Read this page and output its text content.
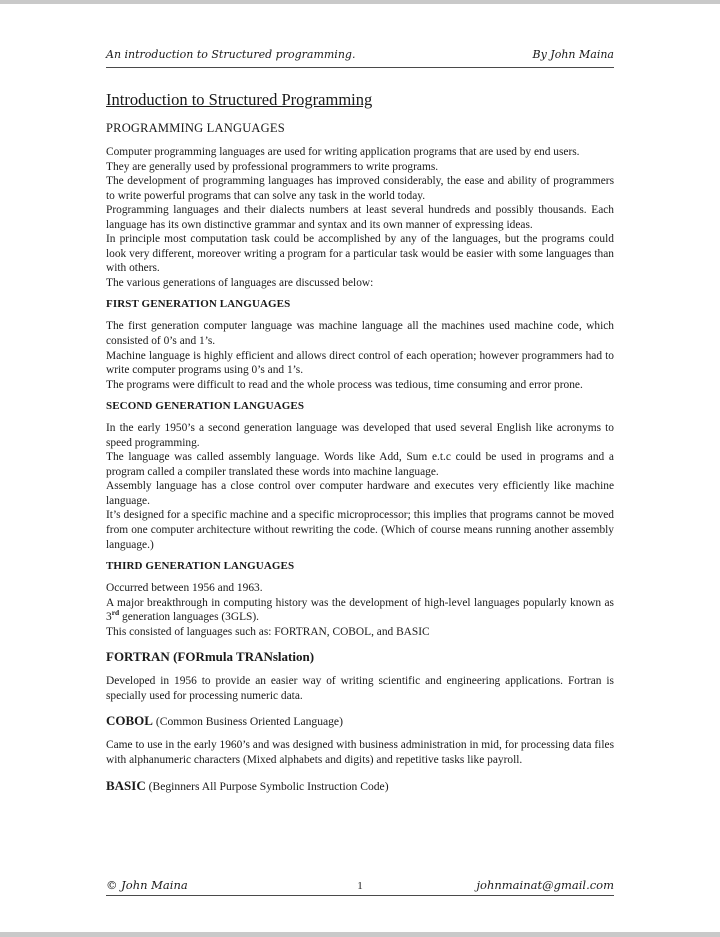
An introduction to Structured programming.	By John Maina
Introduction to Structured Programming
PROGRAMMING LANGUAGES

Computer programming languages are used for writing application programs that are used by end users.

They are generally used by professional programmers to write programs.

The development of programming languages has improved considerably, the ease and ability of programmers to write powerful programs that can solve any task in the world today.

Programming languages and their dialects numbers at least several hundreds and possibly thousands. Each language has its own distinctive grammar and syntax and its own manner of expressing ideas.

In principle most computation task could be accomplished by any of the languages, but the programs could look very different, moreover writing a program for a particular task would be easier with some languages than with others.

The various generations of languages are discussed below:

FIRST GENERATION LANGUAGES

The first generation computer language was machine language all the machines used machine code, which consisted of 0’s and 1’s.

Machine language is highly efficient and allows direct control of each operation; however programmers had to write computer programs using 0’s and 1’s.

The programs were difficult to read and the whole process was tedious, time consuming and error prone.

SECOND GENERATION LANGUAGES

In the early 1950’s a second generation language was developed that used several English like acronyms to speed programming.

The language was called assembly language. Words like Add, Sum e.t.c could be used in programs and a program called a compiler translated these words into machine language.

Assembly language has a close control over computer hardware and executes very efficiently like machine language.

It’s designed for a specific machine and a specific microprocessor; this implies that programs cannot be moved from one computer architecture without rewriting the code. (Which of course means running another assembly language.)

THIRD GENERATION LANGUAGES

Occurred between 1956 and 1963.

A major breakthrough in computing history was the development of high-level languages popularly known as 3rd generation languages (3GLS).

This consisted of languages such as: FORTRAN, COBOL, and BASIC

FORTRAN (FORmula TRANslation)

Developed in 1956 to provide an easier way of writing scientific and engineering applications. Fortran is specially used for processing numeric data.

COBOL (Common Business Oriented Language)

Came to use in the early 1960’s and was designed with business administration in mid, for processing data files with alphanumeric characters (Mixed alphabets and digits) and repetitive tasks like payroll.

BASIC (Beginners All Purpose Symbolic Instruction Code)
© John Maina	1	johnmainat@gmail.com
